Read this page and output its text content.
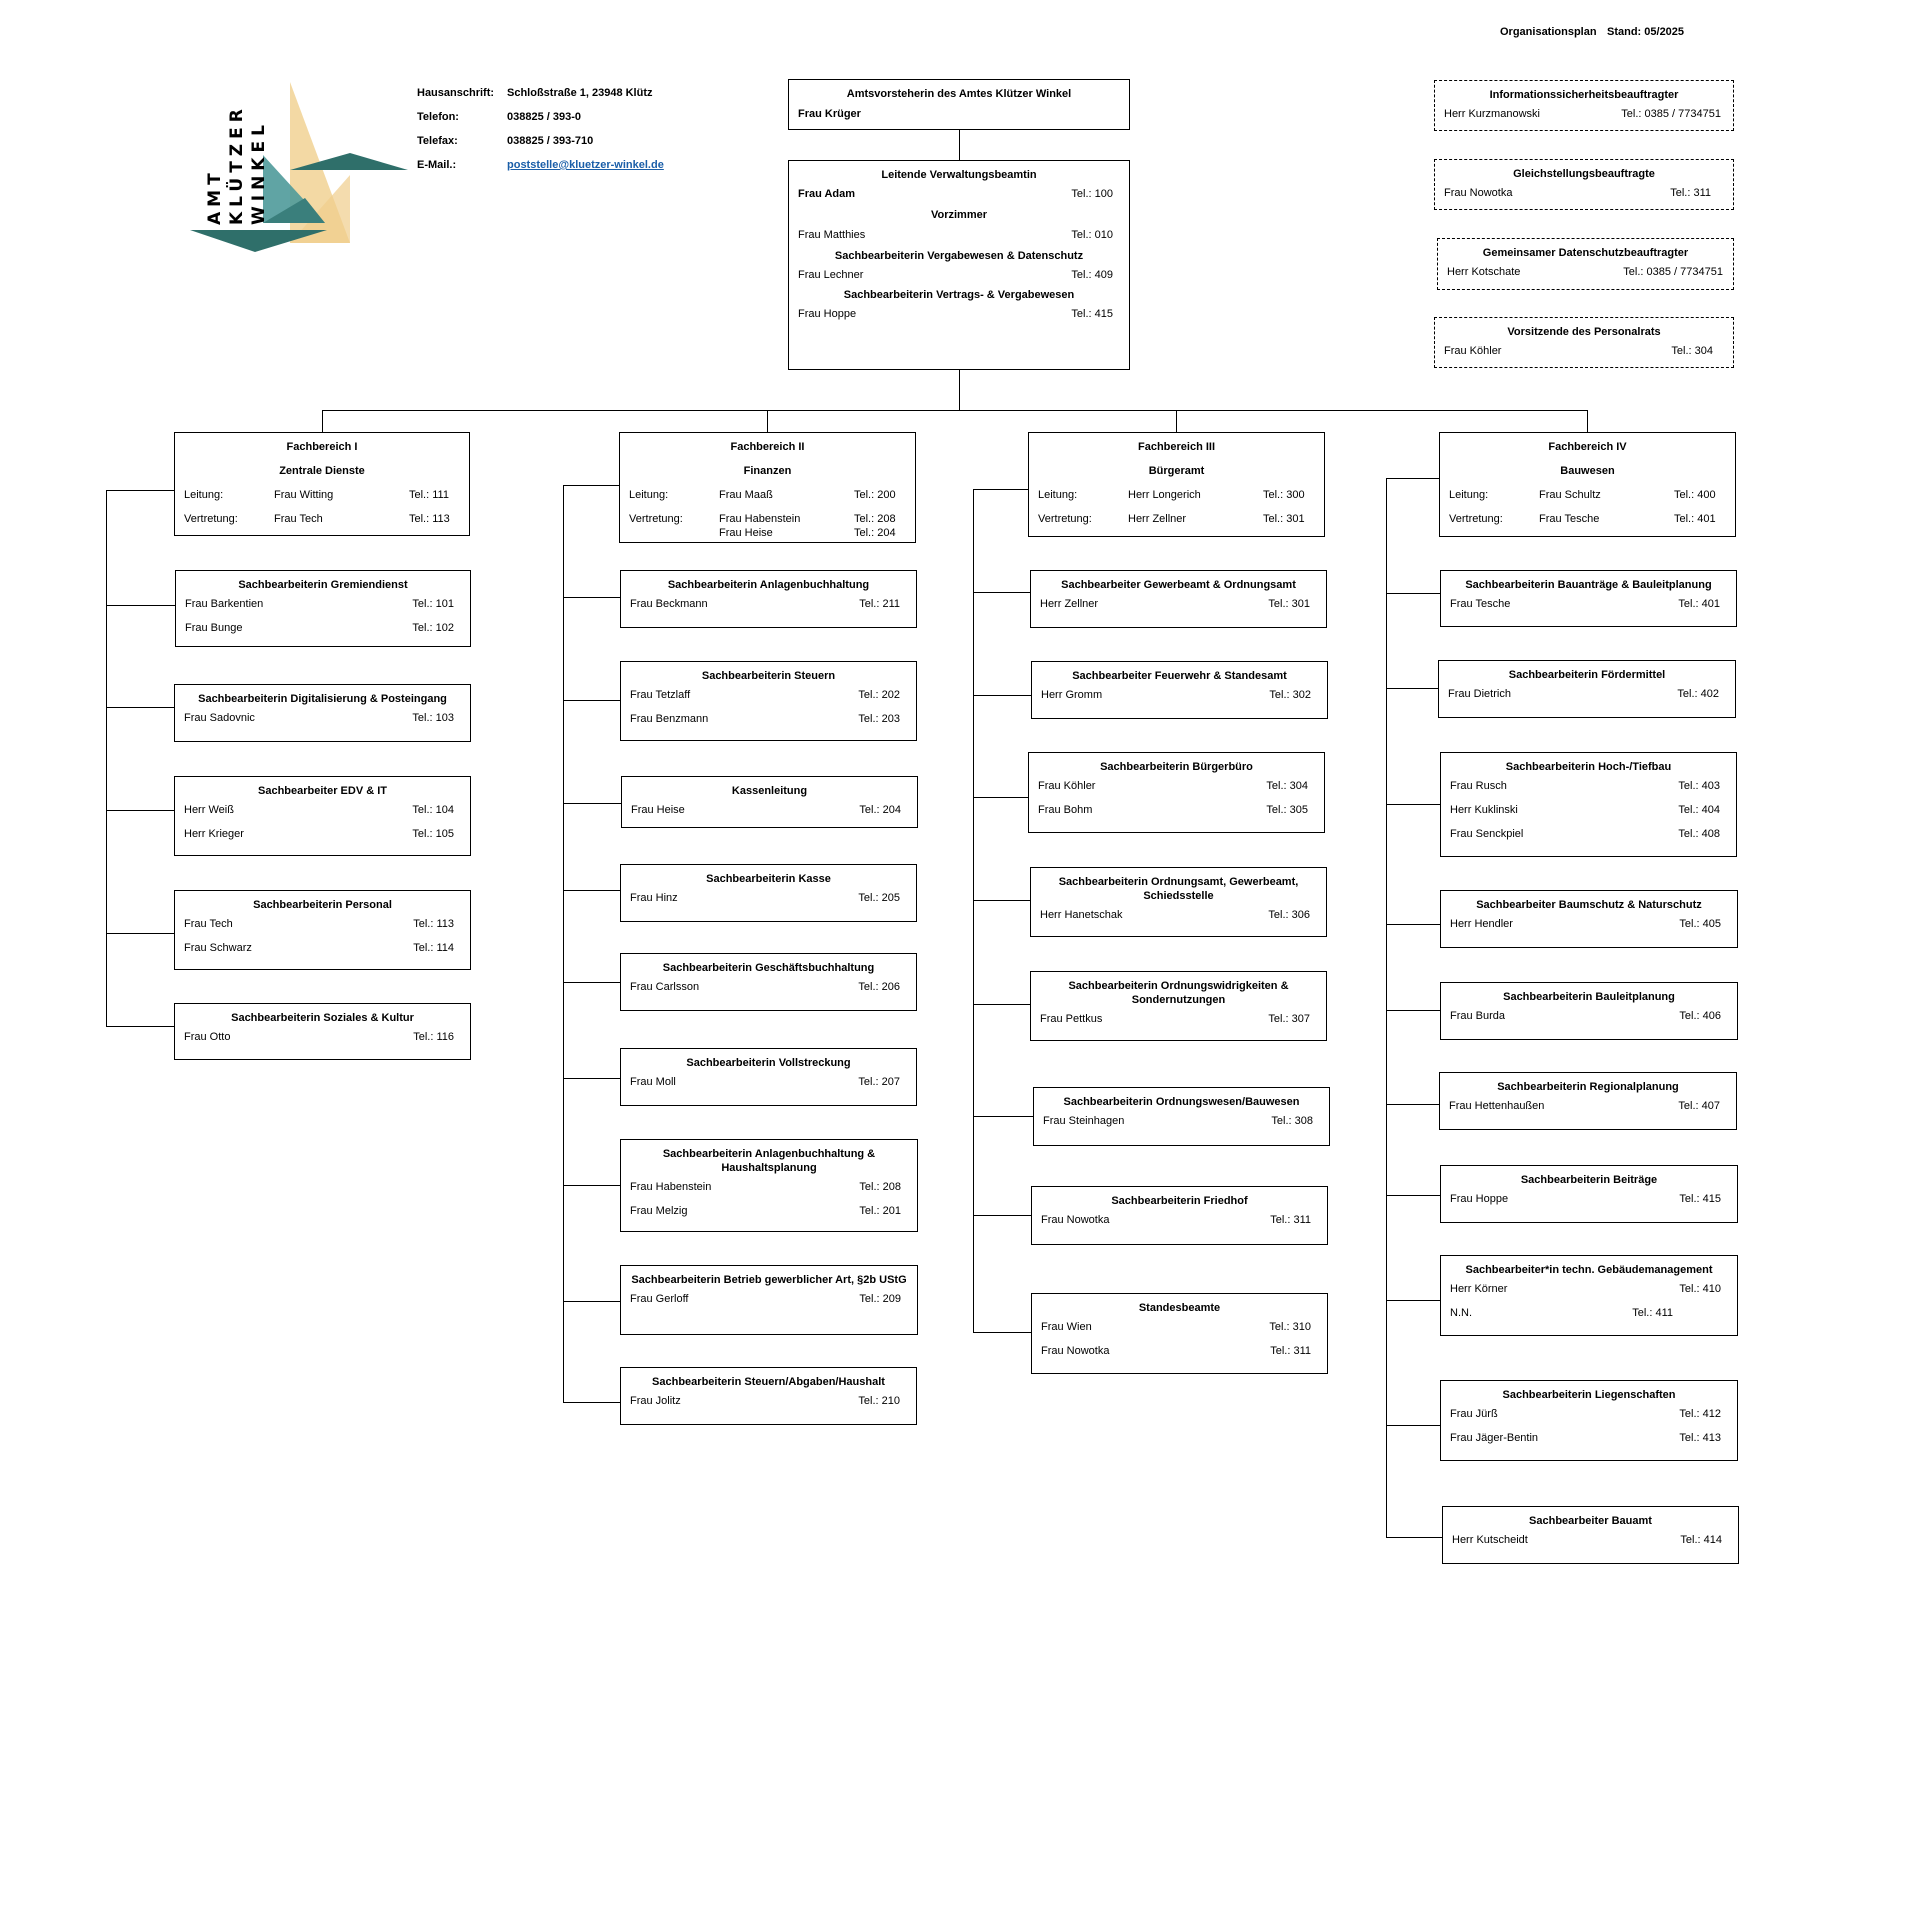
Organisationsplan Stand: 05/2025
AMT KLÜTZER WINKEL
Hausanschrift: Schloßstraße 1, 23948 Klütz
Telefon:	038825 / 393-0
Telefax:	038825 / 393-710
E-Mail.:	poststelle@kluetzer-winkel.de
Amtsvorsteherin des Amtes Klützer Winkel
Frau Krüger
Leitende Verwaltungsbeamtin
Frau Adam	Tel.: 100
Vorzimmer
Frau Matthies	Tel.: 010
Sachbearbeiterin Vergabewesen & Datenschutz
Frau Lechner	Tel.: 409
Sachbearbeiterin Vertrags- & Vergabewesen
Frau Hoppe	Tel.: 415
Informationssicherheitsbeauftragter
Herr Kurzmanowski	Tel.: 0385 / 7734751
Gleichstellungsbeauftragte
Frau Nowotka	Tel.: 311
Gemeinsamer Datenschutzbeauftragter
Herr Kotschate	Tel.: 0385 / 7734751
Vorsitzende des Personalrats
Frau Köhler	Tel.: 304
Fachbereich I
Zentrale Dienste
Leitung:	Frau Witting	Tel.: 111
Vertretung:	Frau Tech	Tel.: 113
Fachbereich II
Finanzen
Leitung:	Frau Maaß	Tel.: 200
Vertretung:	Frau Habenstein	Tel.: 208
Frau Heise	Tel.: 204
Fachbereich III
Bürgeramt
Leitung:	Herr Longerich	Tel.: 300
Vertretung:	Herr Zellner	Tel.: 301
Fachbereich IV
Bauwesen
Leitung:	Frau Schultz	Tel.: 400
Vertretung:	Frau Tesche	Tel.: 401
Sachbearbeiterin Gremiendienst
Frau Barkentien	Tel.: 101
Frau Bunge	Tel.: 102
Sachbearbeiterin Digitalisierung & Posteingang
Frau Sadovnic	Tel.: 103
Sachbearbeiter EDV & IT
Herr Weiß	Tel.: 104
Herr Krieger	Tel.: 105
Sachbearbeiterin Personal
Frau Tech	Tel.: 113
Frau Schwarz	Tel.: 114
Sachbearbeiterin Soziales & Kultur
Frau Otto	Tel.: 116
Sachbearbeiterin Anlagenbuchhaltung
Frau Beckmann	Tel.: 211
Sachbearbeiterin Steuern
Frau Tetzlaff	Tel.: 202
Frau Benzmann	Tel.: 203
Kassenleitung
Frau Heise	Tel.: 204
Sachbearbeiterin Kasse
Frau Hinz	Tel.: 205
Sachbearbeiterin Geschäftsbuchhaltung
Frau Carlsson	Tel.: 206
Sachbearbeiterin Vollstreckung
Frau Moll	Tel.: 207
Sachbearbeiterin Anlagenbuchhaltung & Haushaltsplanung
Frau Habenstein	Tel.: 208
Frau Melzig	Tel.: 201
Sachbearbeiterin Betrieb gewerblicher Art, §2b UStG
Frau Gerloff	Tel.: 209
Sachbearbeiterin Steuern/Abgaben/Haushalt
Frau Jolitz	Tel.: 210
Sachbearbeiter Gewerbeamt & Ordnungsamt
Herr Zellner	Tel.: 301
Sachbearbeiter Feuerwehr & Standesamt
Herr Gromm	Tel.: 302
Sachbearbeiterin Bürgerbüro
Frau Köhler	Tel.: 304
Frau Bohm	Tel.: 305
Sachbearbeiterin Ordnungsamt, Gewerbeamt, Schiedsstelle
Herr Hanetschak	Tel.: 306
Sachbearbeiterin Ordnungswidrigkeiten & Sondernutzungen
Frau Pettkus	Tel.: 307
Sachbearbeiterin Ordnungswesen/Bauwesen
Frau Steinhagen	Tel.: 308
Sachbearbeiterin Friedhof
Frau Nowotka	Tel.: 311
Standesbeamte
Frau Wien	Tel.: 310
Frau Nowotka	Tel.: 311
Sachbearbeiterin Bauanträge & Bauleitplanung
Frau Tesche	Tel.: 401
Sachbearbeiterin Fördermittel
Frau Dietrich	Tel.: 402
Sachbearbeiterin Hoch-/Tiefbau
Frau Rusch	Tel.: 403
Herr Kuklinski	Tel.: 404
Frau Senckpiel	Tel.: 408
Sachbearbeiter Baumschutz & Naturschutz
Herr Hendler	Tel.: 405
Sachbearbeiterin Bauleitplanung
Frau Burda	Tel.: 406
Sachbearbeiterin Regionalplanung
Frau Hettenhaußen	Tel.: 407
Sachbearbeiterin Beiträge
Frau Hoppe	Tel.: 415
Sachbearbeiter*in techn. Gebäudemanagement
Herr Körner	Tel.: 410
N.N.	Tel.: 411
Sachbearbeiterin Liegenschaften
Frau Jürß	Tel.: 412
Frau Jäger-Bentin	Tel.: 413
Sachbearbeiter Bauamt
Herr Kutscheidt	Tel.: 414
